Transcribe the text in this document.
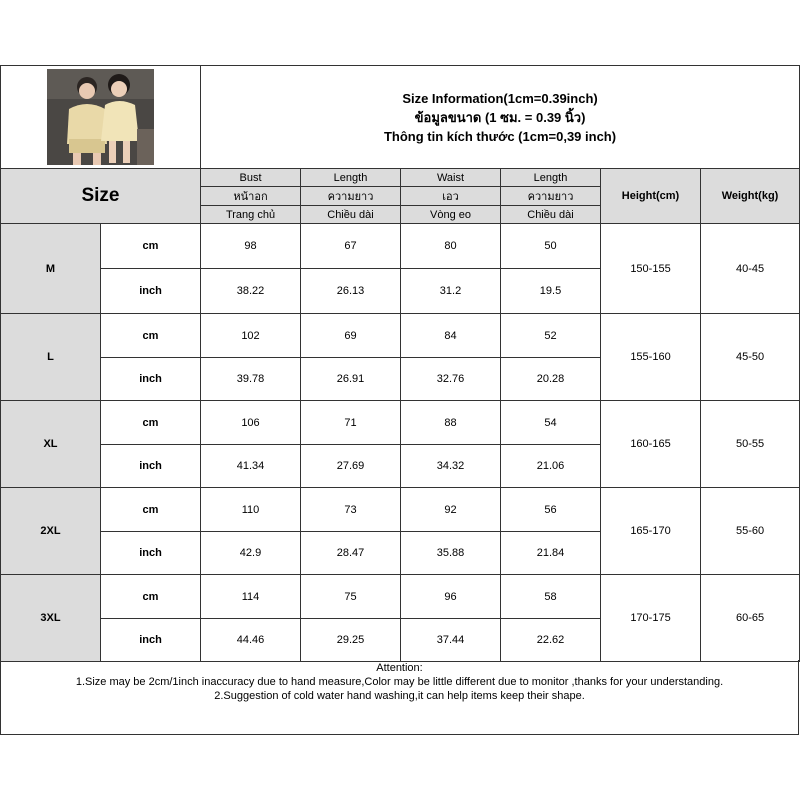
Size Information(1cm=0.39inch)
ข้อมูลขนาด (1 ซม. = 0.39 นิ้ว)
Thông tin kích thước (1cm=0,39 inch)					

Size		Bust	Length	Waist	Length	Height(cm)	Weight(kg)
		หน้าอก	ความยาว	เอว	ความยาว		
		Trang chủ	Chiều dài	Vòng eo	Chiều dài		
M	cm	98	67	80	50	150-155	40-45
	inch	38.22	26.13	31.2	19.5		
L	cm	102	69	84	52	155-160	45-50
	inch	39.78	26.91	32.76	20.28		
XL	cm	106	71	88	54	160-165	50-55
	inch	41.34	27.69	34.32	21.06		
2XL	cm	110	73	92	56	165-170	55-60
	inch	42.9	28.47	35.88	21.84		
3XL	cm	114	75	96	58	170-175	60-65
	inch	44.46	29.25	37.44	22.62		
Attention:
1.Size may be 2cm/1inch inaccuracy due to hand measure,Color may be little different due to monitor ,thanks for your understanding.
2.Suggestion of cold water hand washing,it can help items keep their shape.
